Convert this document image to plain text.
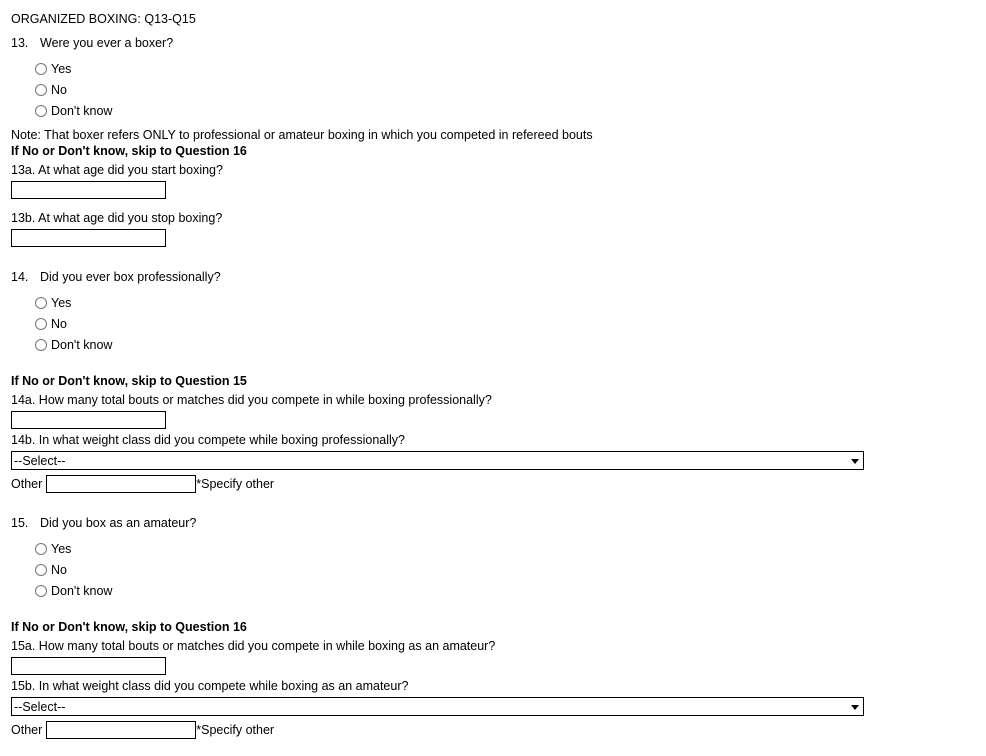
ORGANIZED BOXING: Q13-Q15
13. Were you ever a boxer?
Yes
No
Don't know
Note: That boxer refers ONLY to professional or amateur boxing in which you competed in refereed bouts
If No or Don't know, skip to Question 16
13a. At what age did you start boxing?
13b. At what age did you stop boxing?
14. Did you ever box professionally?
Yes
No
Don't know
If No or Don't know, skip to Question 15
14a. How many total bouts or matches did you compete in while boxing professionally?
14b. In what weight class did you compete while boxing professionally?
--Select--
Other	*Specify other
15. Did you box as an amateur?
Yes
No
Don't know
If No or Don't know, skip to Question 16
15a. How many total bouts or matches did you compete in while boxing as an amateur?
15b. In what weight class did you compete while boxing as an amateur?
--Select--
Other	*Specify other
